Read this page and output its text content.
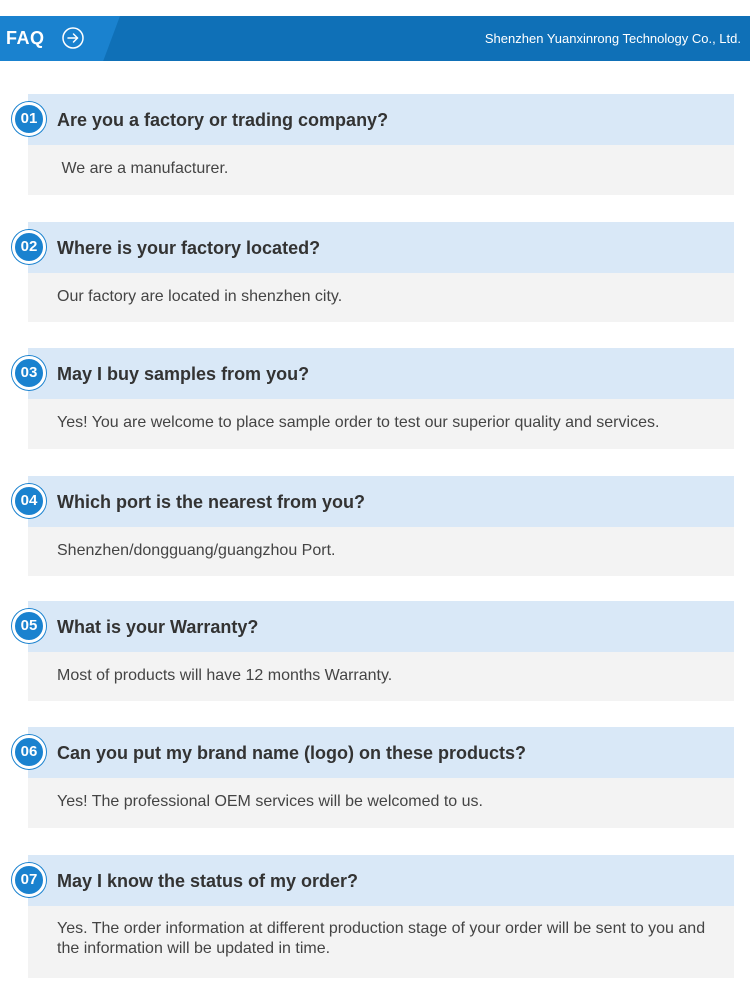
FAQ	Shenzhen Yuanxinrong Technology Co., Ltd.
Are you a factory or trading company?
We are a manufacturer.
01
Where is your factory located?
Our factory are located in shenzhen city.
02
May I buy samples from you?
Yes! You are welcome to place sample order to test our superior quality and services.
03
Which port is the nearest from you?
Shenzhen/dongguang/guangzhou Port.
04
What is your Warranty?
Most of products will have 12 months Warranty.
05
Can you put my brand name (logo) on these products?
Yes! The professional OEM services will be welcomed to us.
06
May I know the status of my order?
Yes. The order information at different production stage of your order will be sent to you and the information will be updated in time.
07
